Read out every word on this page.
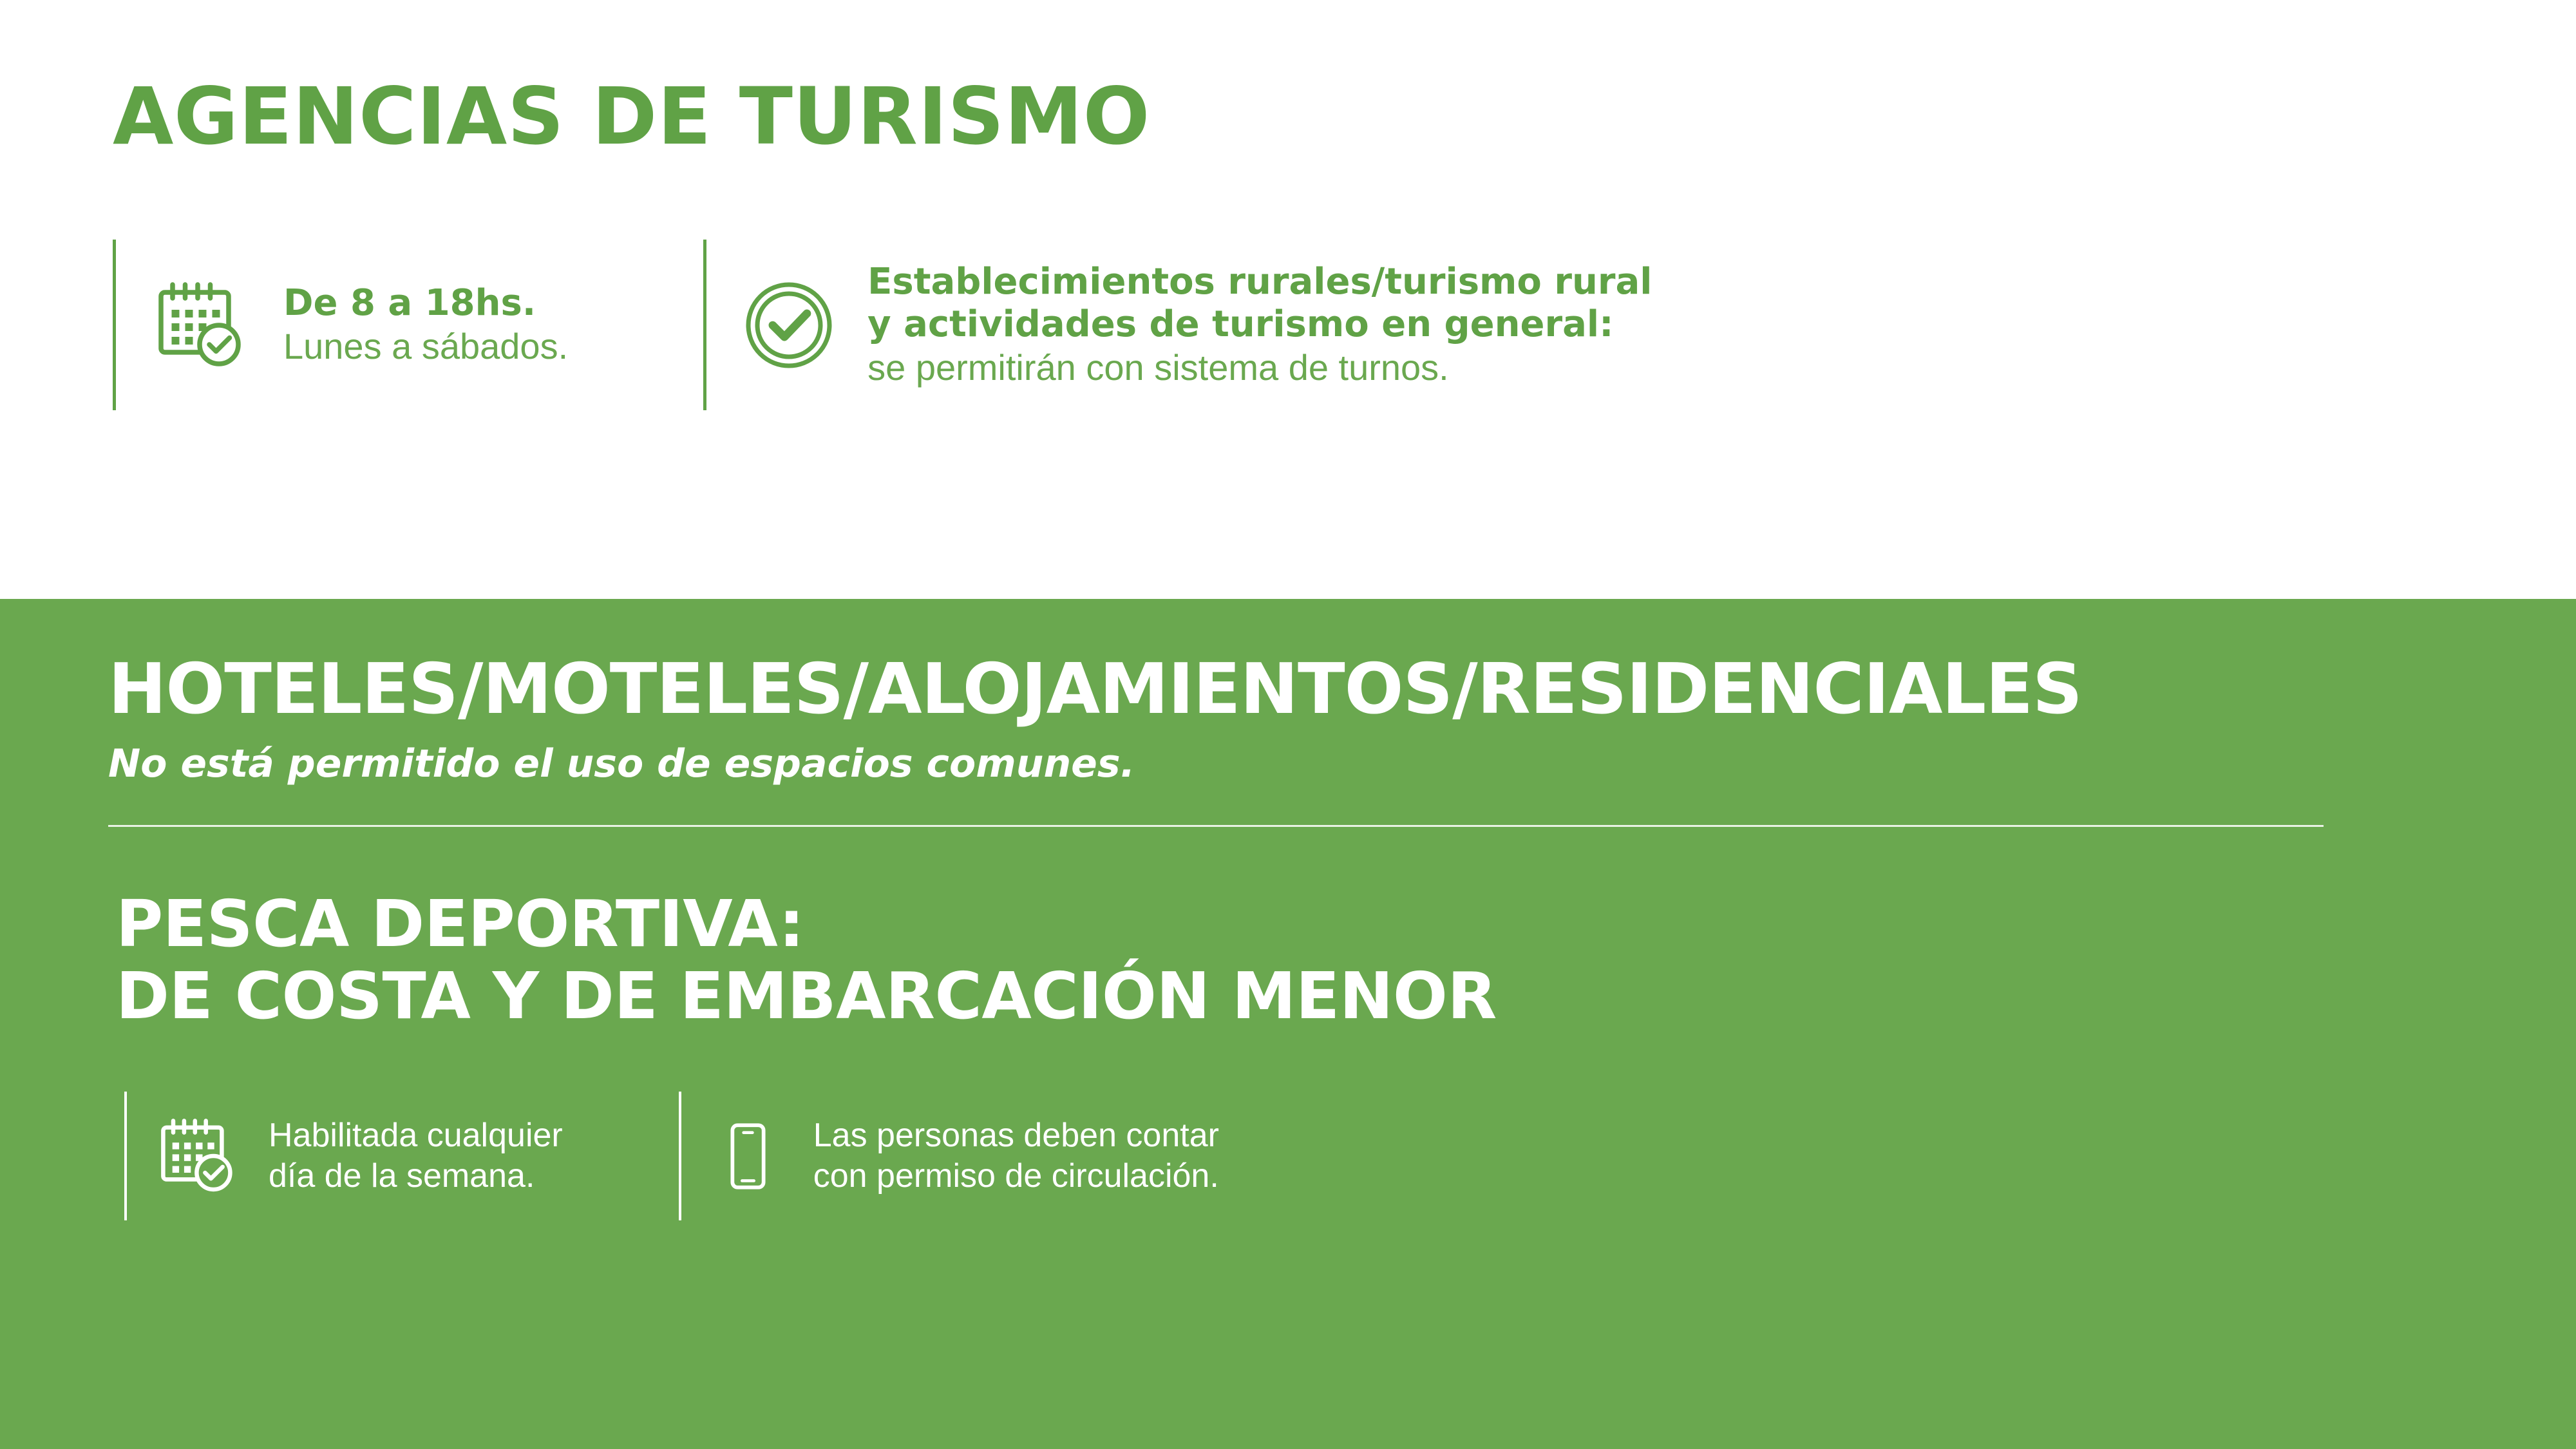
AGENCIAS DE TURISMO
De 8 a 18hs.
Lunes a sábados.
Establecimientos rurales/turismo rural
y actividades de turismo en general:
se permitirán con sistema de turnos.
HOTELES/MOTELES/ALOJAMIENTOS/RESIDENCIALES
No está permitido el uso de espacios comunes.
PESCA DEPORTIVA:
DE COSTA Y DE EMBARCACIÓN MENOR
Habilitada cualquier
día de la semana.
Las personas deben contar
con permiso de circulación.
